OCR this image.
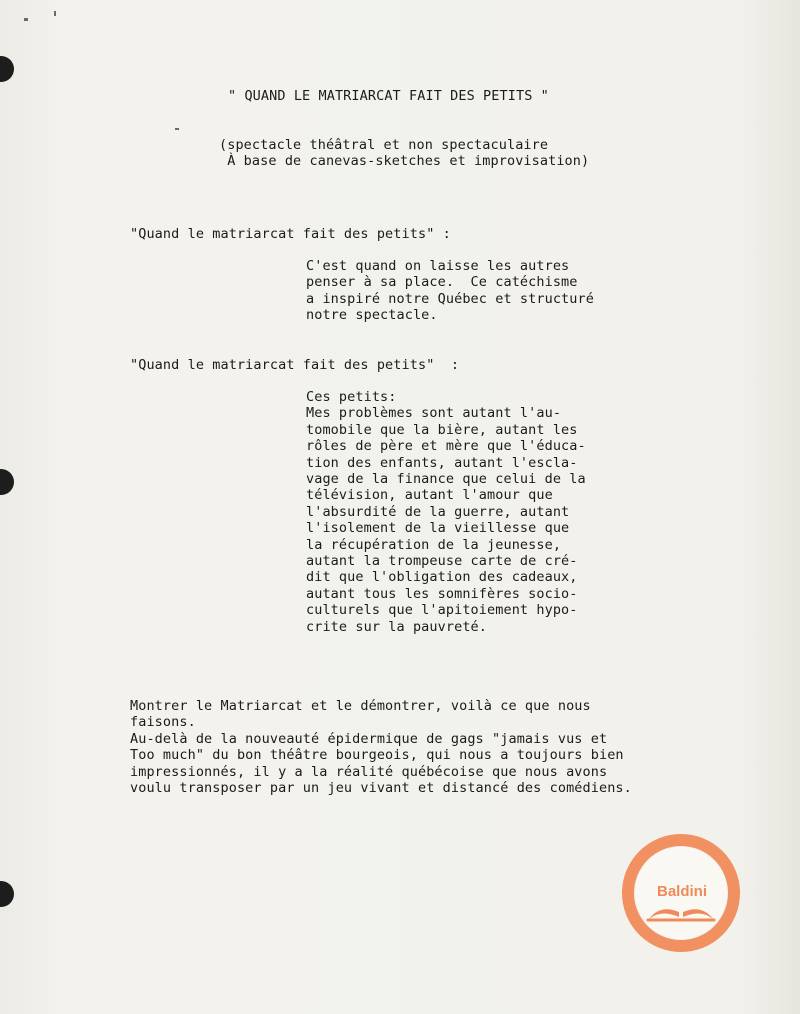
" QUAND LE MATRIARCAT FAIT DES PETITS "
(spectacle théâtral et non spectaculaire
À base de canevas-sketches et improvisation)
"Quand le matriarcat fait des petits" :
C'est quand on laisse les autres
penser à sa place.  Ce catéchisme
a inspiré notre Québec et structuré
notre spectacle.
"Quand le matriarcat fait des petits"  :
Ces petits:
Mes problèmes sont autant l'au-
tomobile que la bière, autant les
rôles de père et mère que l'éduca-
tion des enfants, autant l'escla-
vage de la finance que celui de la
télévision, autant l'amour que
l'absurdité de la guerre, autant
l'isolement de la vieillesse que
la récupération de la jeunesse,
autant la trompeuse carte de cré-
dit que l'obligation des cadeaux,
autant tous les somnifères socio-
culturels que l'apitoiement hypo-
crite sur la pauvreté.
Montrer le Matriarcat et le démontrer, voilà ce que nous
faisons.
Au-delà de la nouveauté épidermique de gags "jamais vus et
Too much" du bon théâtre bourgeois, qui nous a toujours bien
impressionnés, il y a la réalité québécoise que nous avons
voulu transposer par un jeu vivant et distancé des comédiens.
Baldini
